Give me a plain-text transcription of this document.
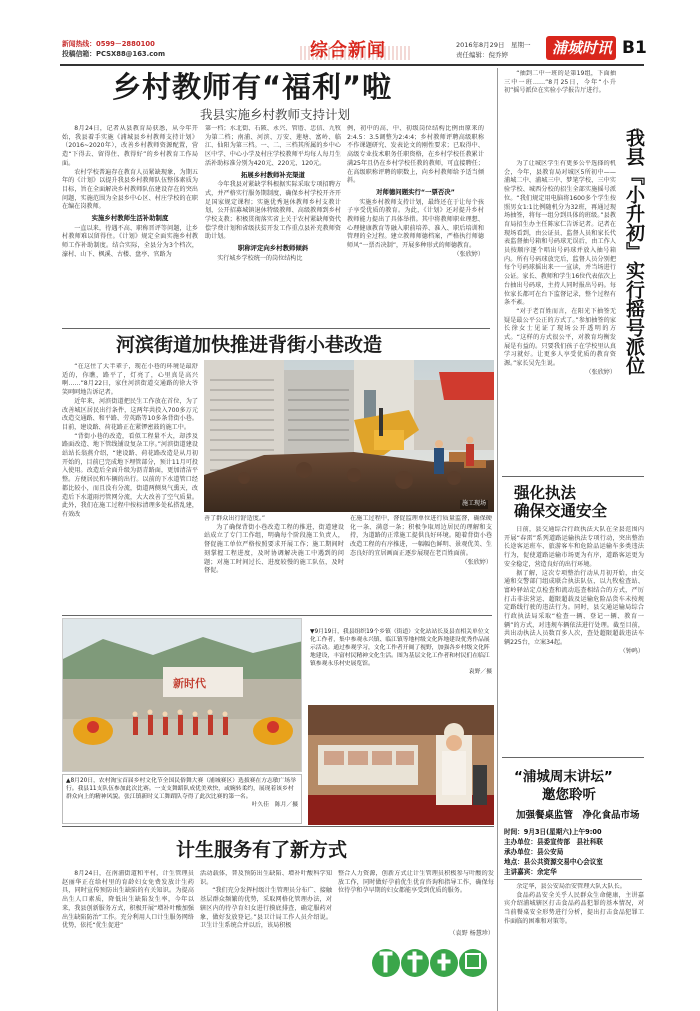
新闻热线：0599－2880100
投稿信箱：PCSX88@163.com	综合新闻	2016年8月29日　星期一
责任编辑：倪乔婷	浦城时讯 B1
乡村教师有“福利”啦
我县实施乡村教师支持计划

8月24日，记者从县教育局获悉，从今年开始，我县着手实施《浦城县乡村教师支持计划》（2016~2020年），改善乡村教师资源配置，营造“下得去、留得住、教得好”的乡村教育工作局面。

农村学校普遍存在教育人员紧缺现象，为期五年的《计划》以提升我县乡村教师队伍整体素质为目标，旨在全面解决乡村教师队伍建设存在的突出问题，实施范围为全县乡中心区、村庄学校的在职在编在岗教师。

实施乡村教师生活补助制度

一直以来，待遇不高、职称晋评等问题，让乡村教师难以留得住。《计划》规定全面实施乡村教师工作补助制度。结合实际，全县分为3个档次，濠村、山下、枫溪、古楼、盘亭、官路为

第一档；水北街、石陂、永兴、管厝、忠信、九牧为第二档；南浦、河滨、万安、莲塘、富岭、临江、仙阳为第三档。一、二、三档其所属的乡中心区中学、中心小学及村庄学校教师平均每人每月生活补助标准分别为420元、220元、120元。

拓展乡村教师补充渠道

今年我县对紧缺学科根据实际采取专项招聘方式，并严格实行服务期制度，确保乡村学校开齐开足国家规定课程；实施优秀退休教师乡村支教计划，公开招募城镇退休特级教师、高级教师到乡村学校支教；积极贯彻落实省上关于农村紧缺师资代偿学费计划和省级扶贫开发工作重点县补充教师资助计划。

职称评定向乡村教师倾斜

实行城乡学校统一的岗位结构比

例，初中的高、中、初级岗位结构比例由原来的2:4.5：3.5调整为2:4:4；乡村教师评聘高级职称不作课题研究、发表论文的刚性要求；已取得中、高级专业技术职务任职资格，在乡村学校任教累计满25年且仍在乡村学校任教的教师，可直接聘任；在高级职称评聘的职数上，向乡村教师给予适当倾斜。

对师德问题实行“一票否决”

实施乡村教师支持计划，最终还在于让每个孩子享受优质的教育。为此，《计划》还对提升乡村教师能力提出了具体举措。其中将教师职业理想、心理健康教育等融入职前培养、准入、职后培训和管理的全过程。建立教师师德档案，严格执行师德师风“一票否决制”，开展多种形式的师德教育。

（张欣婷）
河滨街道加快推进背街小巷改造

“在这住了大半辈子，现在小巷的环境是最舒适的，你瞧，路平了，灯亮了，心里真是高兴啊……”8月22日，家住河滨街道交通路的徐大爷笑呵呵地告诉记者。

近年来，河滨街道把民生工作放在首位，为了改善城区居民出行条件，这两年共投入700多万元改造交通路、和平路、劳英路等10多条背街小巷。目前，建设路、荷花路正在紧锣密鼓的施工中。

“背街小巷的改造，看似工程量不大，却涉及路面改造、地下管线铺设复杂工序。”河滨街道建设站站长翁燕介绍，“建设路、荷花路改造是从月初开始的，目前已完成地下埋管部分，预计11月可投入使用。改造后全面升级为沥青路面，更加清洁平整。方便居民和车辆的出行。以前的下水道管口经都比较小，而且没有分流，街道两侧臭气熏天，改造后下水道雨污管网分流，大大改善了空气质量。此外，我们在施工过程中按标清理多处私搭乱建，有效改

施工现场

善了群众出行舒适度。”

为了确保背街小巷改造工程的推进，街道建设站成立了专门工作组，明确每个阶段施工负责人，督促施工单位严格按照要求开展工作；施工期间时刻掌握工程进度，及时协调解决施工中遇到的问题；对施工时间过长、进度较慢的施工队伍，及时督促。

在施工过程中，督促监理单位进行质量监督，确保硬化一条、满意一条；积极争取周边居民的理解和支持，为道路的正常施工提供良好环境。随着背街小巷改造工程的有序推进，一幅幅色鲜明、景观优美、生态良好的宜居画面正逐步展现在老百姓面前。

（张欣婷）

“抽到二中一班的是第19组，下面抽三中一班……”8月25日，今年“小升初”摇号派位在实验小学报告厅进行。

为了让城区学生有更多公平选择的机会，今年，县教育局对城区5所初中——浦城二中、浦城三中、梦笔学校、三中实验学校、城西分校的招生全部实施摇号派位。“我们规定用电脑将1600多个学生按照男女1:1比例随机分为32班，再通过现场抽签，将每一组分到具体的班级。”县教育局招生办主任陈家仁告诉记者。记者在现场看到，由公证员、监督人员和家长代表监督抽号箱和号码球无误后，由工作人员按顺序逐个唱出号码球并放入抽号箱内。所有号码球放完后，监督人员分别把每个号码球摇出来一一宣读，并当场进行公证。家长、教师和学生16位代表依次上台抽出号码球，主持人同时报出号码。每位家长都可在台下监督记录，整个过程有条不紊。

“对于老百姓而言，在阳光下抽签无疑是最公平公正的方式了。”参加抽签的家长徐女士见证了现场公开透明的方式。“这样的方式很公平，对教育均衡发展是有益的。只要我们孩子在学校里认真学习就好。让更多人享受优质的教育资源。”家长吴先生说。

（张欣婷） 我县『小升初』实行摇号派位
强化执法
确保交通安全

日前，县交通综合行政执法大队在全县范围内开展“春雷”系列道路运输执法专项行动，突出整治长途客运班车、旅游客车和危险品运输车多类违法行为，促使道路运输市场更为有序，道路客运更为安全稳定，营造良好的出行环境。

据了解，这次专项整治行动从月初开始，由交通和交警部门组成联合执法队伍，以九牧检查站、富岭驿站定点检查和流动巡查相结合的方式，严厉打击非法营运、超限超载及运输危险品货车未按规定路线行驶的违法行为。同时，县交通运输局综合行政执法局采取“检查一辆、登记一辆、教育一辆”的方式，对违规车辆依法进行处理。截至目前，共出动执法人员数百多人次，查处超限超载违法车辆225台，立案34起。

（钟鸣）
新时代
▲8月20日，农村淘宝首届乡村文化节全国民俗舞大赛（浦城赛区）选拔赛在方志敏广场举行。我县11支队伍参加此次比赛。一支支舞蹈队成优美欢快，或婉转柔约，展现着该乡村群众向上的精神风貌。张江镇新时义工舞蹈队夺得了此次比赛的第一名。
叶久佳　陈月／摄
▼9月19日，我县组织19个乡镇（街道）文化站站长及县直相关单位文化工作者，集中参观永兴镇、临江镇等地村级文化阵地建设优秀作品展示活动。通过参观学习，文化工作者开阔了视野，加强各乡村级文化阵地建设，丰富村民精神文化生活。图为基层文化工作者和村民们在临江镇参观永乐村史展览馆。
袁野／摄
“浦城周末讲坛”
邀您聆听
加强餐桌监管　净化食品市场
时间：9月3日(星期六)上午9:00
主办单位：县委宣传部　县社科联
承办单位：县公安局
地点：县公共资源交易中心会议室
主讲嘉宾：余定华

余定华，县公安局治安管理大队大队长。

食品药品安全关乎人民群众生命健康，主讲嘉宾介绍浦城辖区打击食品药品犯罪的基本情况，对当前餐桌安全形势进行分析，提出打击食品犯罪工作面临的困难和对策等。

计生服务有了新方式

8月24日，在南浦街道和平村，计生管理员赵丽华正在给村里的育龄妇女免费发放计生药具，同时宣传预防出生缺陷的有关知识。为提高出生人口素质，降低出生缺陷发生率，今年以来，我县创新服务方式，积极开展“增补叶酸加强出生缺陷防治”工作。充分利用人口计生服务网络优势，依托“优生促进”

活动载体，普及预防出生缺陷、增补叶酸科学知识。

“我们充分发挥村级计生管理员分布广、接触基层群众频繁的优势，采取网格化管理办法，对辖区内的待孕育妇女进行摸底排查，确定服药对象，做好发放登记。”县卫计局工作人员介绍说。卫生计生系统合并以后，该局积极

整合人力资源，创新方式让计生管理员积极参与叶酸的发放工作，同时做好孕前优生优育咨询和指导工作，确保每位待孕和孕早期的妇女都能享受到优质的服务。

（袁野 杨慧珍）
